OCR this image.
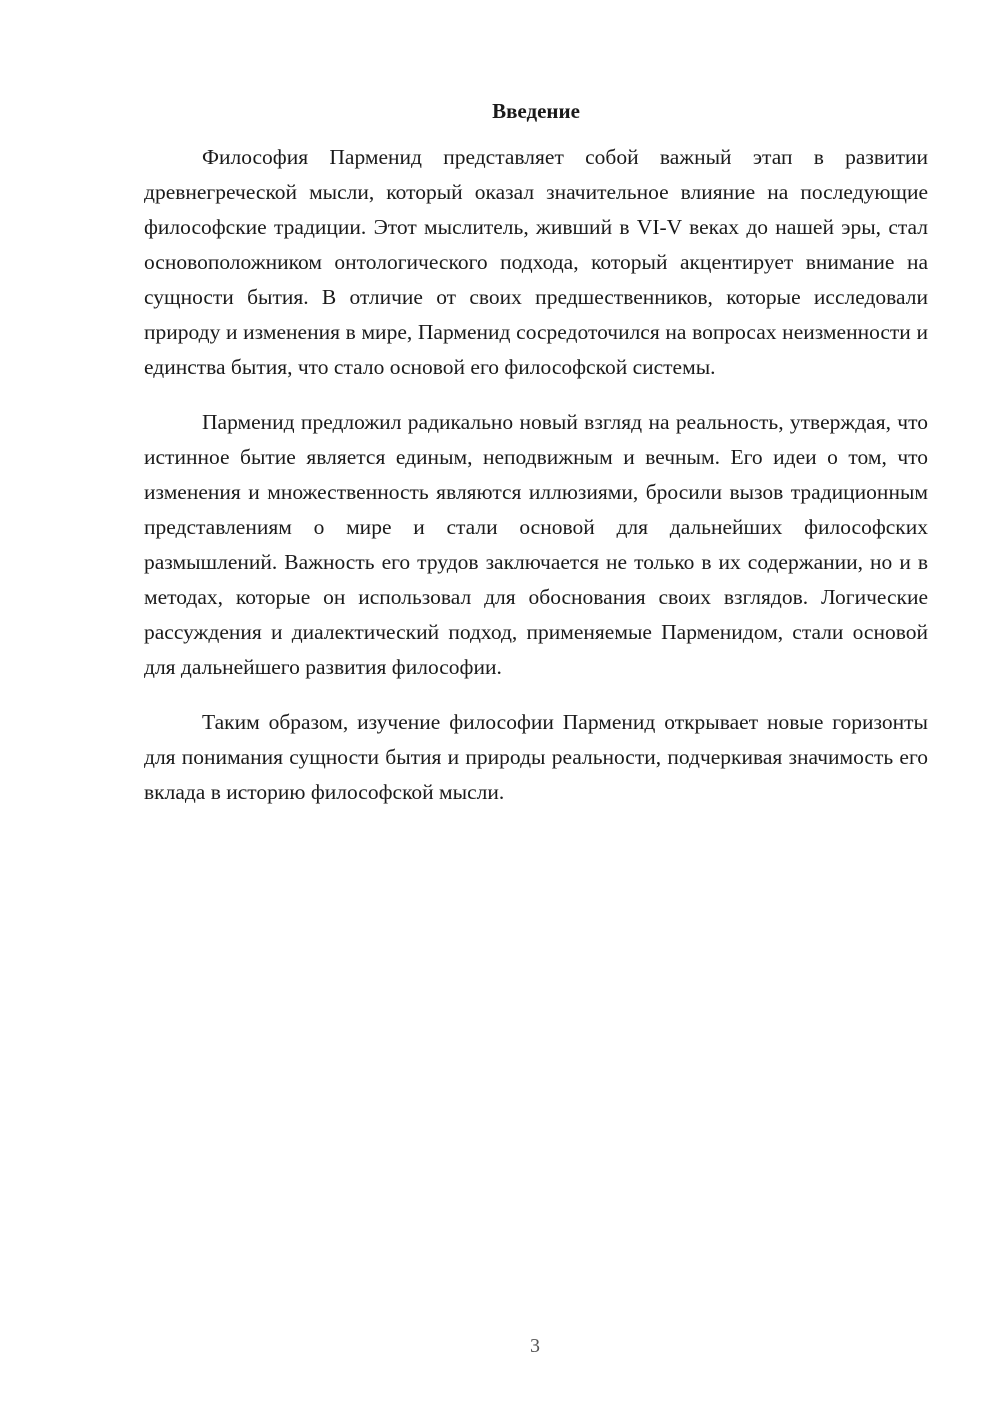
Введение

Философия Парменид представляет собой важный этап в развитии древнегреческой мысли, который оказал значительное влияние на последующие философские традиции. Этот мыслитель, живший в VI-V веках до нашей эры, стал основоположником онтологического подхода, который акцентирует внимание на сущности бытия. В отличие от своих предшественников, которые исследовали природу и изменения в мире, Парменид сосредоточился на вопросах неизменности и единства бытия, что стало основой его философской системы.

Парменид предложил радикально новый взгляд на реальность, утверждая, что истинное бытие является единым, неподвижным и вечным. Его идеи о том, что изменения и множественность являются иллюзиями, бросили вызов традиционным представлениям о мире и стали основой для дальнейших философских размышлений. Важность его трудов заключается не только в их содержании, но и в методах, которые он использовал для обоснования своих взглядов. Логические рассуждения и диалектический подход, применяемые Парменидом, стали основой для дальнейшего развития философии.

Таким образом, изучение философии Парменид открывает новые горизонты для понимания сущности бытия и природы реальности, подчеркивая значимость его вклада в историю философской мысли.

3
